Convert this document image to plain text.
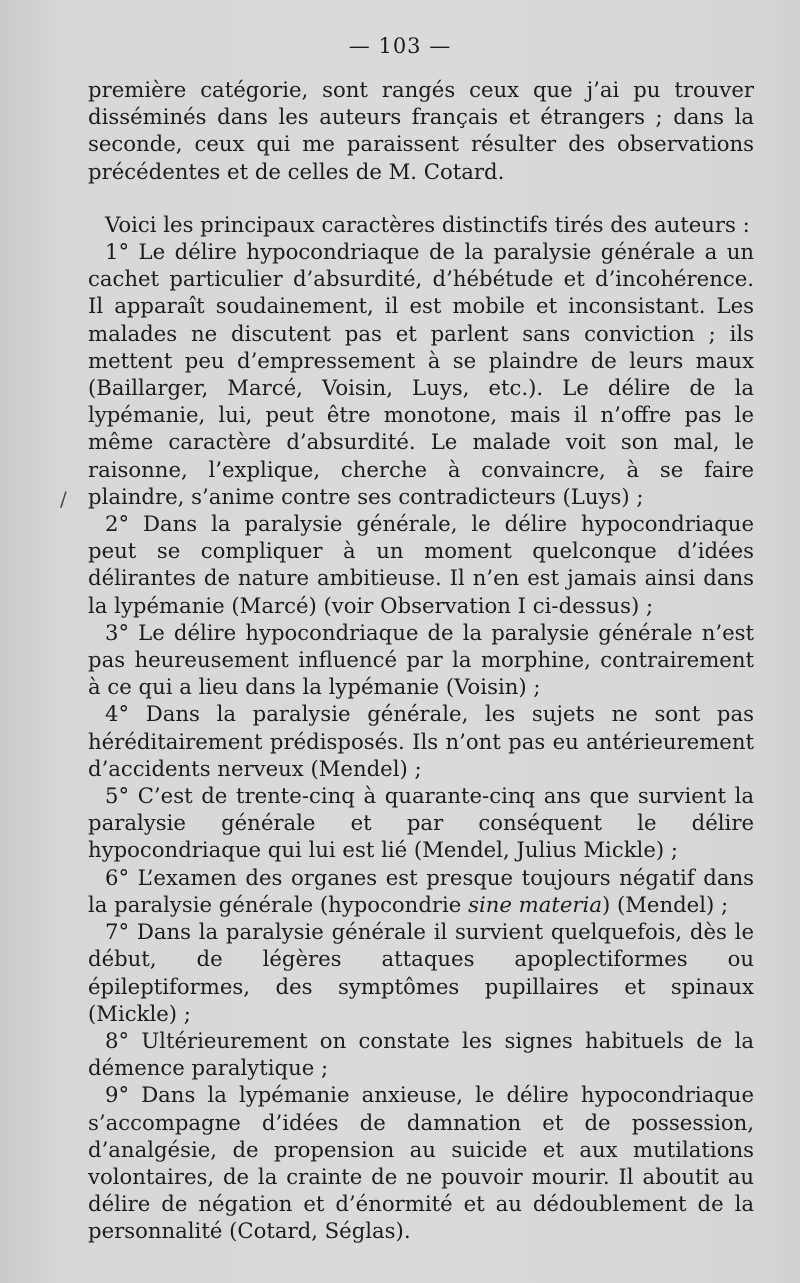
— 103 —
/

première catégorie, sont rangés ceux que j’ai pu trouver disséminés dans les auteurs français et étrangers ; dans la seconde, ceux qui me paraissent résulter des observations précédentes et de celles de M. Cotard.

Voici les principaux caractères distinctifs tirés des auteurs :

1° Le délire hypocondriaque de la paralysie générale a un cachet particulier d’absurdité, d’hébétude et d’incohérence. Il apparaît soudainement, il est mobile et inconsistant. Les malades ne discutent pas et parlent sans conviction ; ils mettent peu d’empressement à se plaindre de leurs maux (Baillarger, Marcé, Voisin, Luys, etc.). Le délire de la lypémanie, lui, peut être monotone, mais il n’offre pas le même caractère d’absurdité. Le malade voit son mal, le raisonne, l’explique, cherche à convaincre, à se faire plaindre, s’anime contre ses contradicteurs (Luys) ;

2° Dans la paralysie générale, le délire hypocondriaque peut se compliquer à un moment quelconque d’idées délirantes de nature ambitieuse. Il n’en est jamais ainsi dans la lypémanie (Marcé) (voir Observation I ci-dessus) ;

3° Le délire hypocondriaque de la paralysie générale n’est pas heureusement influencé par la morphine, contrairement à ce qui a lieu dans la lypémanie (Voisin) ;

4° Dans la paralysie générale, les sujets ne sont pas héréditairement prédisposés. Ils n’ont pas eu antérieurement d’accidents nerveux (Mendel) ;

5° C’est de trente-cinq à quarante-cinq ans que survient la paralysie générale et par conséquent le délire hypocondriaque qui lui est lié (Mendel, Julius Mickle) ;

6° L’examen des organes est presque toujours négatif dans la paralysie générale (hypocondrie sine materia) (Mendel) ;

7° Dans la paralysie générale il survient quelquefois, dès le début, de légères attaques apoplectiformes ou épileptiformes, des symptômes pupillaires et spinaux (Mickle) ;

8° Ultérieurement on constate les signes habituels de la démence paralytique ;

9° Dans la lypémanie anxieuse, le délire hypocondriaque s’accompagne d’idées de damnation et de possession, d’analgésie, de propension au suicide et aux mutilations volontaires, de la crainte de ne pouvoir mourir. Il aboutit au délire de négation et d’énormité et au dédoublement de la personnalité (Cotard, Séglas).
